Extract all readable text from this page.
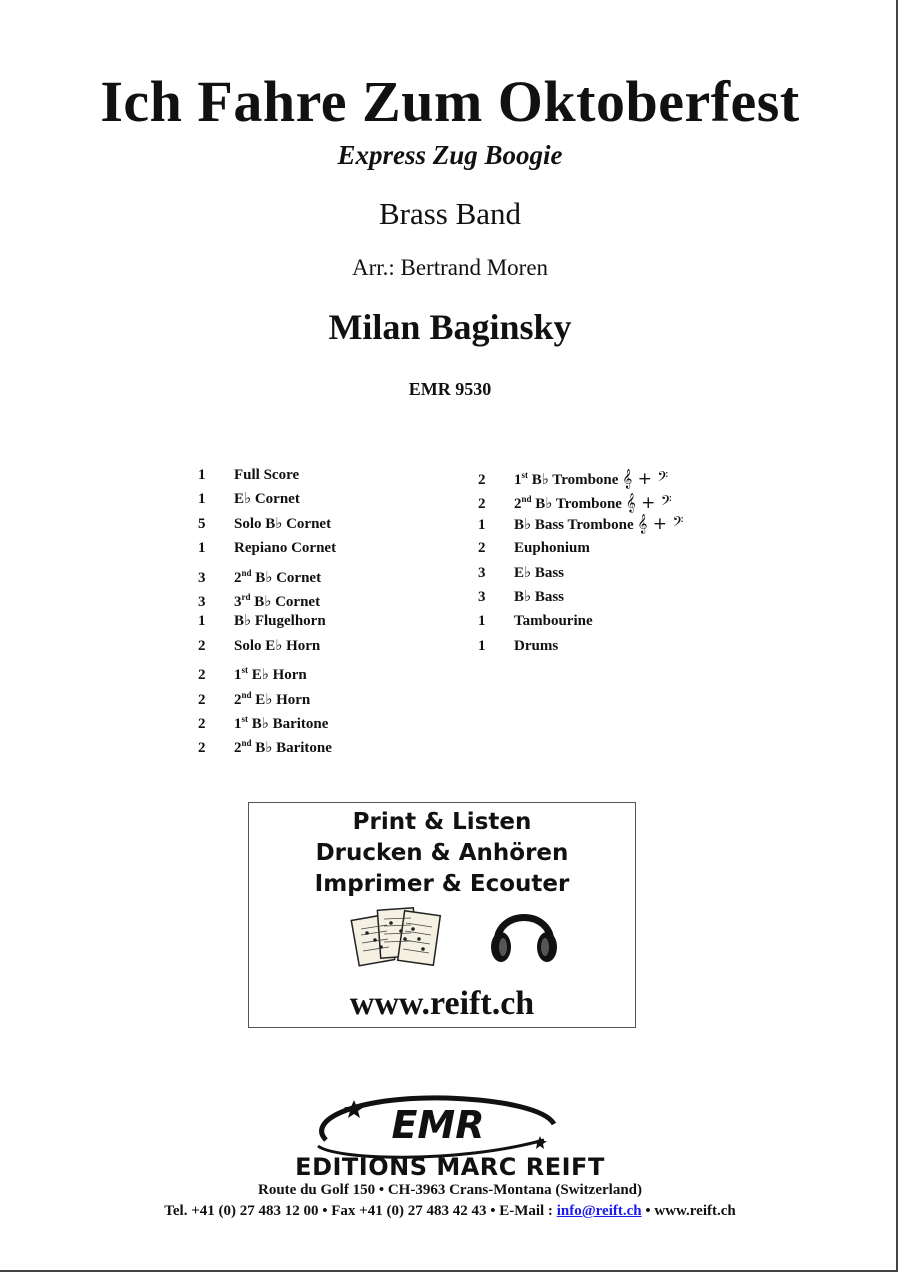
Ich Fahre Zum Oktoberfest
Express Zug Boogie
Brass Band
Arr.: Bertrand Moren
Milan Baginsky
EMR 9530
1 Full Score
1 E♭ Cornet
5 Solo B♭ Cornet
1 Repiano Cornet
3 2nd B♭ Cornet
3 3rd B♭ Cornet
1 B♭ Flugelhorn
2 Solo E♭ Horn
2 1st E♭ Horn
2 2nd E♭ Horn
2 1st B♭ Baritone
2 2nd B♭ Baritone
2 1st B♭ Trombone 𝄞 + 𝄢
2 2nd B♭ Trombone 𝄞 + 𝄢
1 B♭ Bass Trombone 𝄞 + 𝄢
2 Euphonium
3 E♭ Bass
3 B♭ Bass
1 Tambourine
1 Drums
Print & Listen
Drucken & Anhören
Imprimer & Ecouter
www.reift.ch
EMR
EDITIONS MARC REIFT
Route du Golf 150 • CH-3963 Crans-Montana (Switzerland)
Tel. +41 (0) 27 483 12 00 • Fax +41 (0) 27 483 42 43 • E-Mail : info@reift.ch • www.reift.ch
